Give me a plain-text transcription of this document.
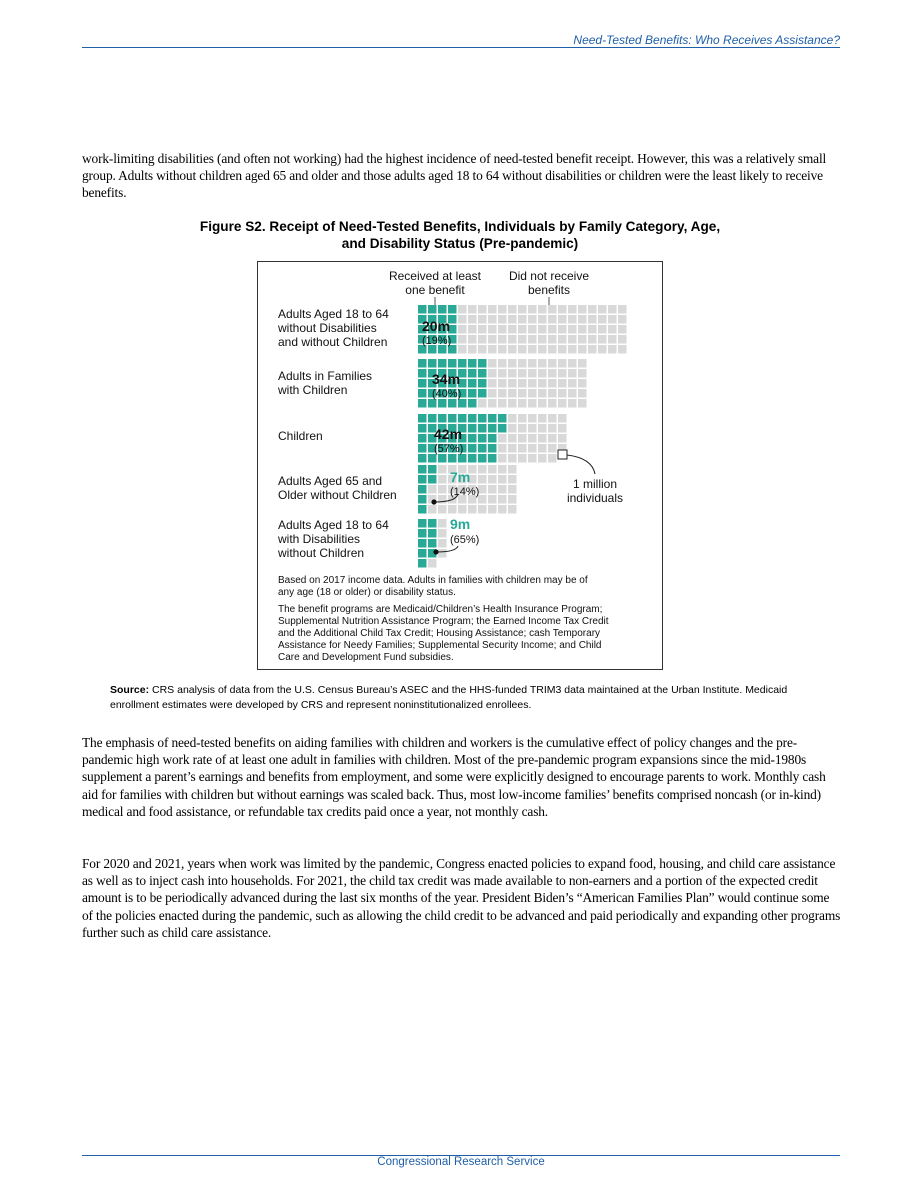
Need-Tested Benefits: Who Receives Assistance?

work-limiting disabilities (and often not working) had the highest incidence of need-tested benefit receipt. However, this was a relatively small group. Adults without children aged 65 and older and those adults aged 18 to 64 without disabilities or children were the least likely to receive benefits.

Figure S2. Receipt of Need-Tested Benefits, Individuals by Family Category, Age,
and Disability Status (Pre-pandemic)

Received at least
one benefit
Did not receive
benefits
Adults Aged 18 to 64
without Disabilities
and without Children
Adults in Families
with Children
Children
Adults Aged 65 and
Older without Children
Adults Aged 18 to 64
with Disabilities
without Children
20m
(19%)
34m
(40%)
42m
(57%)
7m
(14%)
9m
(65%)
1 million
individuals
Based on 2017 income data. Adults in families with children may be of
any age (18 or older) or disability status.
The benefit programs are Medicaid/Children’s Health Insurance Program;
Supplemental Nutrition Assistance Program; the Earned Income Tax Credit
and the Additional Child Tax Credit; Housing Assistance; cash Temporary
Assistance for Needy Families; Supplemental Security Income; and Child
Care and Development Fund subsidies.

Source: CRS analysis of data from the U.S. Census Bureau’s ASEC and the HHS-funded TRIM3 data maintained at the Urban Institute. Medicaid enrollment estimates were developed by CRS and represent noninstitutionalized enrollees.

The emphasis of need-tested benefits on aiding families with children and workers is the cumulative effect of policy changes and the pre-pandemic high work rate of at least one adult in families with children. Most of the pre-pandemic program expansions since the mid-1980s supplement a parent’s earnings and benefits from employment, and some were explicitly designed to encourage parents to work. Monthly cash aid for families with children but without earnings was scaled back. Thus, most low-income families’ benefits comprised noncash (or in-kind) medical and food assistance, or refundable tax credits paid once a year, not monthly cash.

For 2020 and 2021, years when work was limited by the pandemic, Congress enacted policies to expand food, housing, and child care assistance as well as to inject cash into households. For 2021, the child tax credit was made available to non-earners and a portion of the expected credit amount is to be periodically advanced during the last six months of the year. President Biden’s “American Families Plan” would continue some of the policies enacted during the pandemic, such as allowing the child credit to be advanced and paid periodically and expanding other programs further such as child care assistance.

Congressional Research Service
